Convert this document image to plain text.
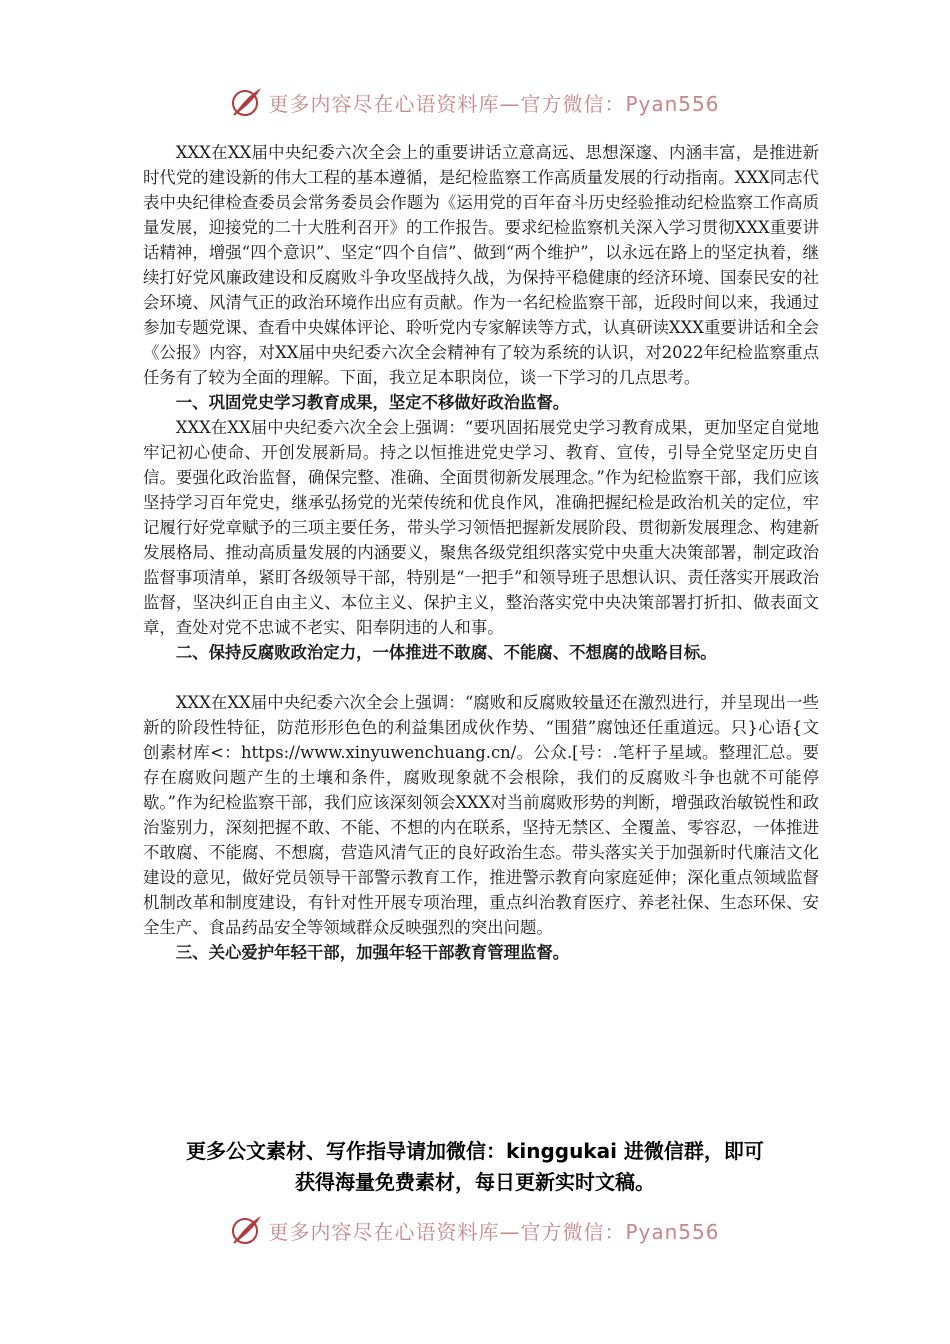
更多内容尽在心语资料库—官方微信：Pyan556

XXX在XX届中央纪委六次全会上的重要讲话立意高远、思想深邃、内涵丰富，是推进新时代党的建设新的伟大工程的基本遵循，是纪检监察工作高质量发展的行动指南。XXX同志代表中央纪律检查委员会常务委员会作题为《运用党的百年奋斗历史经验推动纪检监察工作高质量发展，迎接党的二十大胜利召开》的工作报告。要求纪检监察机关深入学习贯彻XXX重要讲话精神，增强“四个意识”、坚定“四个自信”、做到“两个维护”，以永远在路上的坚定执着，继续打好党风廉政建设和反腐败斗争攻坚战持久战，为保持平稳健康的经济环境、国泰民安的社会环境、风清气正的政治环境作出应有贡献。作为一名纪检监察干部，近段时间以来，我通过参加专题党课、查看中央媒体评论、聆听党内专家解读等方式，认真研读XXX重要讲话和全会《公报》内容，对XX届中央纪委六次全会精神有了较为系统的认识，对2022年纪检监察重点任务有了较为全面的理解。下面，我立足本职岗位，谈一下学习的几点思考。

一、巩固党史学习教育成果，坚定不移做好政治监督。

XXX在XX届中央纪委六次全会上强调：“要巩固拓展党史学习教育成果，更加坚定自觉地牢记初心使命、开创发展新局。持之以恒推进党史学习、教育、宣传，引导全党坚定历史自信。要强化政治监督，确保完整、准确、全面贯彻新发展理念。”作为纪检监察干部，我们应该坚持学习百年党史，继承弘扬党的光荣传统和优良作风，准确把握纪检是政治机关的定位，牢记履行好党章赋予的三项主要任务，带头学习领悟把握新发展阶段、贯彻新发展理念、构建新发展格局、推动高质量发展的内涵要义，聚焦各级党组织落实党中央重大决策部署，制定政治监督事项清单，紧盯各级领导干部，特别是“一把手”和领导班子思想认识、责任落实开展政治监督，坚决纠正自由主义、本位主义、保护主义，整治落实党中央决策部署打折扣、做表面文章，查处对党不忠诚不老实、阳奉阴违的人和事。

二、保持反腐败政治定力，一体推进不敢腐、不能腐、不想腐的战略目标。

XXX在XX届中央纪委六次全会上强调：“腐败和反腐败较量还在激烈进行，并呈现出一些新的阶段性特征，防范形形色色的利益集团成伙作势、“围猎”腐蚀还任重道远。只}心语{文创素材库<：https://www.xinyuwenchuang.cn/。公众.[号：.笔杆子星域。整理汇总。要存在腐败问题产生的土壤和条件，腐败现象就不会根除，我们的反腐败斗争也就不可能停歇。”作为纪检监察干部，我们应该深刻领会XXX对当前腐败形势的判断，增强政治敏锐性和政治鉴别力，深刻把握不敢、不能、不想的内在联系，坚持无禁区、全覆盖、零容忍，一体推进不敢腐、不能腐、不想腐，营造风清气正的良好政治生态。带头落实关于加强新时代廉洁文化建设的意见，做好党员领导干部警示教育工作，推进警示教育向家庭延伸；深化重点领域监督机制改革和制度建设，有针对性开展专项治理，重点纠治教育医疗、养老社保、生态环保、安全生产、食品药品安全等领域群众反映强烈的突出问题。

三、关心爱护年轻干部，加强年轻干部教育管理监督。
更多公文素材、写作指导请加微信：kinggukai 进微信群，即可
获得海量免费素材，每日更新实时文稿。
更多内容尽在心语资料库—官方微信：Pyan556
